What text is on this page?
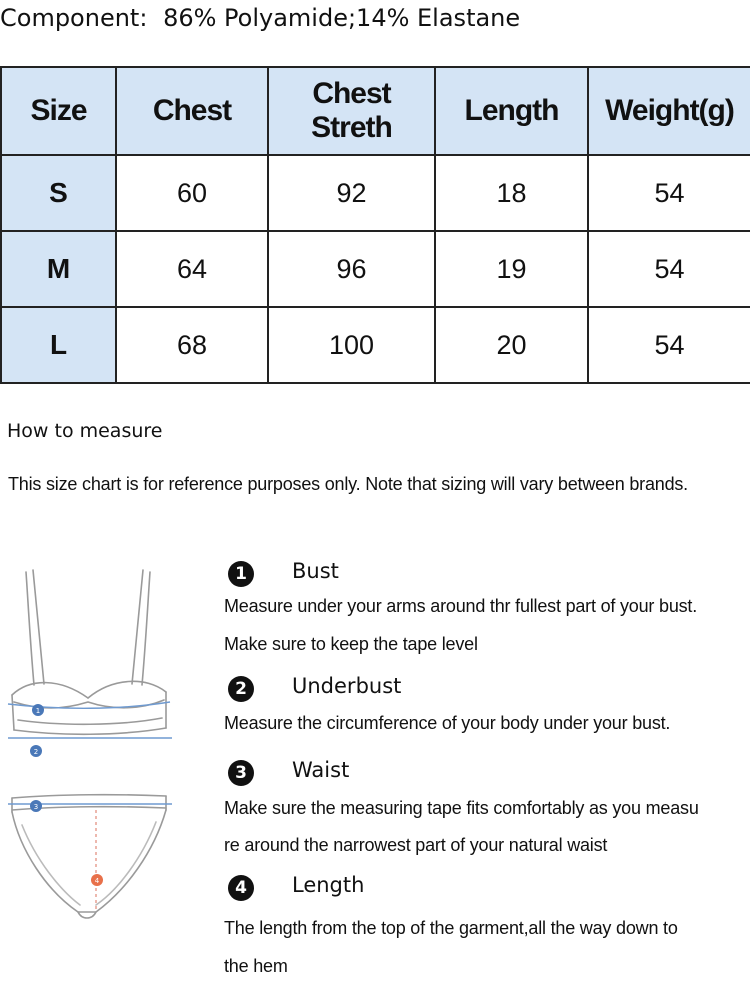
Component: 86% Polyamide;14% Elastane
Size	Chest	Chest Streth	Length	Weight(g)
S	60	92	18	54
M	64	96	19	54
L	68	100	20	54
How to measure
This size chart is for reference purposes only. Note that sizing will vary between brands.
1
2
3
4
1	Bust
Measure under your arms around thr fullest part of your bust.
Make sure to keep the tape level
2	Underbust
Measure the circumference of your body under your bust.
3	Waist
Make sure the measuring tape fits comfortably as you measu
re around the narrowest part of your natural waist
4	Length
The length from the top of the garment,all the way down to
the hem
